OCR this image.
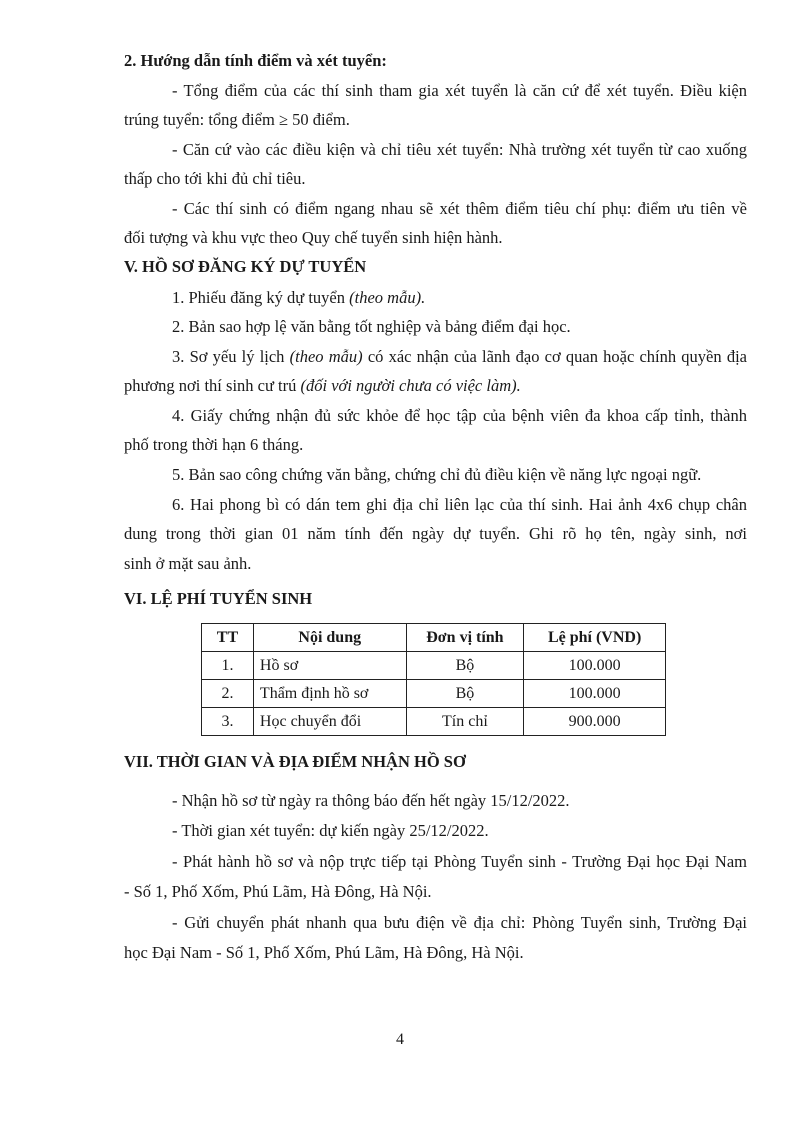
2. Hướng dẫn tính điểm và xét tuyển:
- Tổng điểm của các thí sinh tham gia xét tuyển là căn cứ để xét tuyển. Điều kiện
trúng tuyển: tổng điểm ≥ 50 điểm.
- Căn cứ vào các điều kiện và chỉ tiêu xét tuyển: Nhà trường xét tuyển từ cao xuống
thấp cho tới khi đủ chỉ tiêu.
- Các thí sinh có điểm ngang nhau sẽ xét thêm điểm tiêu chí phụ: điểm ưu tiên về
đối tượng và khu vực theo Quy chế tuyển sinh hiện hành.
V. HỒ SƠ ĐĂNG KÝ DỰ TUYỂN
1. Phiếu đăng ký dự tuyển (theo mẫu).
2. Bản sao hợp lệ văn bằng tốt nghiệp và bảng điểm đại học.
3. Sơ yếu lý lịch (theo mẫu) có xác nhận của lãnh đạo cơ quan hoặc chính quyền địa
phương nơi thí sinh cư trú (đối với người chưa có việc làm).
4. Giấy chứng nhận đủ sức khỏe để học tập của bệnh viên đa khoa cấp tỉnh, thành
phố trong thời hạn 6 tháng.
5. Bản sao công chứng văn bằng, chứng chỉ đủ điều kiện về năng lực ngoại ngữ.
6. Hai phong bì có dán tem ghi địa chỉ liên lạc của thí sinh. Hai ảnh 4x6 chụp chân
dung trong thời gian 01 năm tính đến ngày dự tuyển. Ghi rõ họ tên, ngày sinh, nơi
sinh ở mặt sau ảnh.
VI. LỆ PHÍ TUYỂN SINH
TT	Nội dung	Đơn vị tính	Lệ phí (VND)
1.	Hồ sơ	Bộ	100.000
2.	Thẩm định hồ sơ	Bộ	100.000
3.	Học chuyển đổi	Tín chỉ	900.000
VII. THỜI GIAN VÀ ĐỊA ĐIỂM NHẬN HỒ SƠ
- Nhận hồ sơ từ ngày ra thông báo đến hết ngày 15/12/2022.
- Thời gian xét tuyển: dự kiến ngày 25/12/2022.
- Phát hành hồ sơ và nộp trực tiếp tại Phòng Tuyển sinh - Trường Đại học Đại Nam
- Số 1, Phố Xốm, Phú Lãm, Hà Đông, Hà Nội.
- Gửi chuyển phát nhanh qua bưu điện về địa chỉ: Phòng Tuyển sinh, Trường Đại
học Đại Nam - Số 1, Phố Xốm, Phú Lãm, Hà Đông, Hà Nội.
4
